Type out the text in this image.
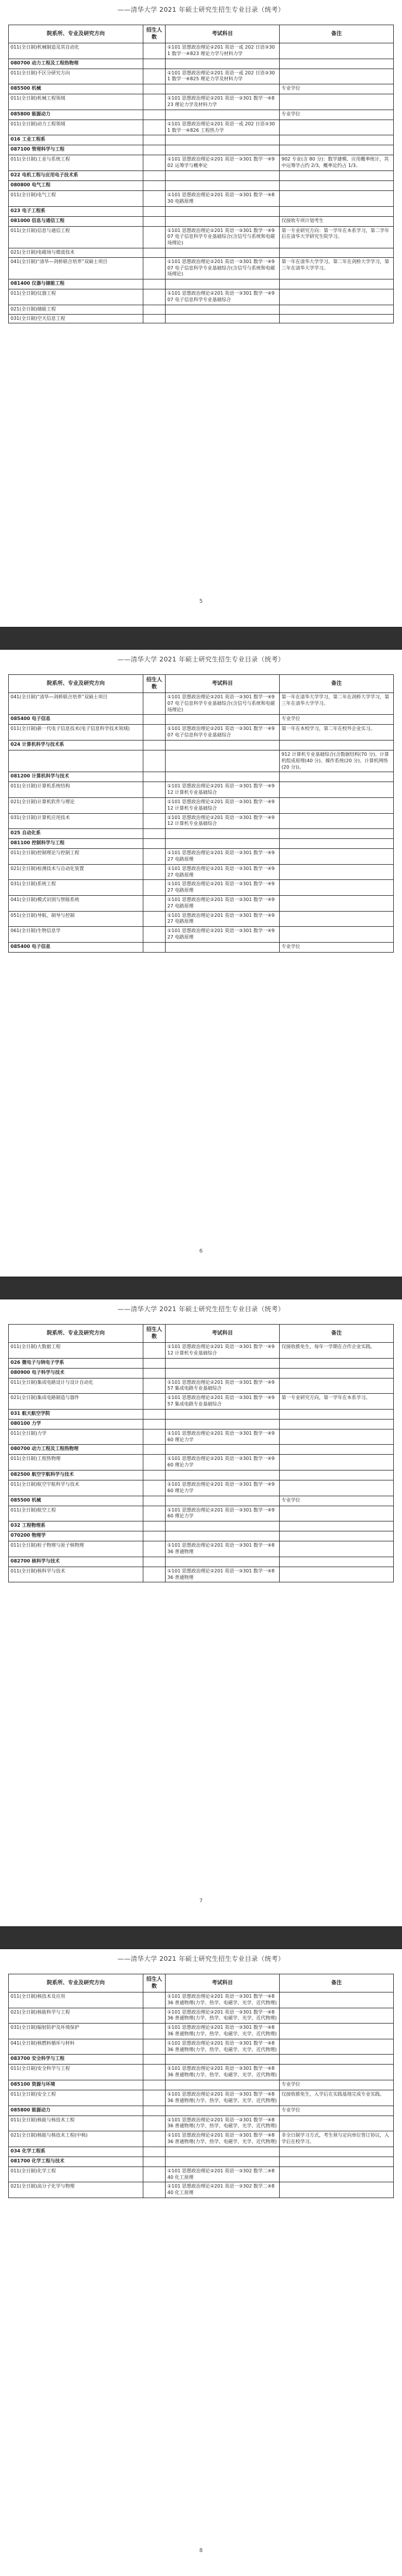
——清华大学 2021 年硕士研究生招生专业目录（统考）
院系所、专业及研究方向	招生人数	考试科目	备注
011(全日制)机械制造及其自动化		①101 思想政治理论②201 英语一或 202 日语③301 数学一④823 理论力学与材料力学	
080700 动力工程及工程热物理			
011(全日制)不区分研究方向		①101 思想政治理论②201 英语一或 202 日语③301 数学一④825 理论力学及材料力学	
085500 机械			专业学位
011(全日制)机械工程领域		①101 思想政治理论②201 英语一③301 数学一④823 理论力学及材料力学	
085800 能源动力			专业学位
011(全日制)动力工程领域		①101 思想政治理论②201 英语一或 202 日语③301 数学一④826 工程热力学	
016 工业工程系			
087100 管理科学与工程			
011(全日制)工业与系统工程		①101 思想政治理论②201 英语一③301 数学一④902 运筹学与概率论	902 专业(含 80 分)：数学建模、应用概率统计，其中运筹学占约 2/3，概率论约占 1/3。
022 电机工程与应用电子技术系			
080800 电气工程			
011(全日制)电气工程		①101 思想政治理论②201 英语一③301 数学一④830 电路原理	
023 电子工程系			
081000 信息与通信工程			仅接收专项计划考生
011(全日制)信息与通信工程		①101 思想政治理论②201 英语一③301 数学一④907 电子信息科学专业基础综合(含信号与系统和电磁场理论)	第一专业研究方向：第一学年在本系学习，第二学年后在清华大学研究生院学习。
021(全日制)电磁场与微波技术			
041(全日制)“清华—剑桥联合培养”双硕士项目		①101 思想政治理论②201 英语一③301 数学一④907 电子信息科学专业基础综合(含信号与系统和电磁场理论)	第一年在清华大学学习，第二年在剑桥大学学习，第三年在清华大学学习。
081400 仪器与储能工程			
011(全日制)仪器工程		①101 思想政治理论②201 英语一③301 数学一④907 电子信息科学专业基础综合	
021(全日制)储能工程			
031(全日制)空天信息工程			
5
——清华大学 2021 年硕士研究生招生专业目录（统考）
院系所、专业及研究方向	招生人数	考试科目	备注
041(全日制)“清华—剑桥联合培养”双硕士项目		①101 思想政治理论②201 英语一③301 数学一④907 电子信息科学专业基础综合(含信号与系统和电磁场理论)	第一年在清华大学学习，第二年在剑桥大学学习，第三年在清华大学学习。
085400 电子信息			专业学位
011(全日制)新一代电子信息技术(电子信息科学技术领域)		①101 思想政治理论②201 英语一③301 数学一④907 电子信息科学专业基础综合	第一年在本校学习，第二年在校外企业实习。
024 计算机科学与技术系			
			912 计算机专业基础综合(含数据结构(70 分)、计算机组成原理(40 分)、操作系统(20 分)、计算机网络(20 分))。
081200 计算机科学与技术			
011(全日制)计算机系统结构		①101 思想政治理论②201 英语一③301 数学一④912 计算机专业基础综合	
021(全日制)计算机软件与理论		①101 思想政治理论②201 英语一③301 数学一④912 计算机专业基础综合	
031(全日制)计算机应用技术		①101 思想政治理论②201 英语一③301 数学一④912 计算机专业基础综合	
025 自动化系			
081100 控制科学与工程			
011(全日制)控制理论与控制工程		①101 思想政治理论②201 英语一③301 数学一④927 电路原理	
021(全日制)检测技术与自动化装置		①101 思想政治理论②201 英语一③301 数学一④927 电路原理	
031(全日制)系统工程		①101 思想政治理论②201 英语一③301 数学一④927 电路原理	
041(全日制)模式识别与智能系统		①101 思想政治理论②201 英语一③301 数学一④927 电路原理	
051(全日制)导航、制导与控制		①101 思想政治理论②201 英语一③301 数学一④927 电路原理	
061(全日制)生物信息学		①101 思想政治理论②201 英语一③301 数学一④927 电路原理	
085400 电子信息			专业学位
6
——清华大学 2021 年硕士研究生招生专业目录（统考）
院系所、专业及研究方向	招生人数	考试科目	备注
011(全日制)大数据工程		①101 思想政治理论②201 英语一③301 数学一④912 计算机专业基础综合	仅接收推免生，每年一学期在合作企业实践。
026 微电子与纳电子学系			
080900 电子科学与技术			
011(全日制)集成电路设计与设计自动化		①101 思想政治理论②201 英语一③301 数学一④957 集成电路专业基础综合	
021(全日制)集成电路制造与器件		①101 思想政治理论②201 英语一③301 数学一④957 集成电路专业基础综合	第一专业研究方向，第一学年在本系学习。
031 航天航空学院			
080100 力学			
011(全日制)力学		①101 思想政治理论②201 英语一③301 数学一④960 理论力学	
080700 动力工程及工程热物理			
011(全日制)工程热物理		①101 思想政治理论②201 英语一③301 数学一④960 理论力学	
082500 航空宇航科学与技术			
011(全日制)航空宇航科学与技术		①101 思想政治理论②201 英语一③301 数学一④960 理论力学	
085500 机械			专业学位
011(全日制)航空工程		①101 思想政治理论②201 英语一③301 数学一④960 理论力学	
032 工程物理系			
070200 物理学			
011(全日制)粒子物理与原子核物理		①101 思想政治理论②201 英语一③301 数学一④836 普通物理	
082700 核科学与技术			
011(全日制)核科学与技术		①101 思想政治理论②201 英语一③301 数学一④836 普通物理	
7
——清华大学 2021 年硕士研究生招生专业目录（统考）
院系所、专业及研究方向	招生人数	考试科目	备注
011(全日制)核技术及应用		①101 思想政治理论②201 英语一③301 数学一④836 普通物理(力学、热学、电磁学、光学、近代物理)	
021(全日制)核能科学与工程		①101 思想政治理论②201 英语一③301 数学一④836 普通物理(力学、热学、电磁学、光学、近代物理)	
031(全日制)辐射防护及环境保护		①101 思想政治理论②201 英语一③301 数学一④836 普通物理(力学、热学、电磁学、光学、近代物理)	
041(全日制)核燃料循环与材料		①101 思想政治理论②201 英语一③301 数学一④836 普通物理(力学、热学、电磁学、光学、近代物理)	
083700 安全科学与工程			
011(全日制)安全科学与工程		①101 思想政治理论②201 英语一③301 数学一④836 普通物理(力学、热学、电磁学、光学、近代物理)	
085100 资源与环境			专业学位
011(全日制)安全工程		①101 思想政治理论②201 英语一③301 数学一④836 普通物理(力学、热学、电磁学、光学、近代物理)	仅接收推免生，入学后在实践基地完成专业实践。
085800 能源动力			专业学位
011(全日制)核能与核技术工程		①101 思想政治理论②201 英语一③301 数学一④836 普通物理(力学、热学、电磁学、光学、近代物理)	
021(全日制)核能与核技术工程(中核)		①101 思想政治理论②201 英语一③301 数学一④836 普通物理(力学、热学、电磁学、光学、近代物理)	非全日制学习方式，考生须与定向单位签订协议，入学后在校学习。
034 化学工程系			
081700 化学工程与技术			
011(全日制)化学工程		①101 思想政治理论②201 英语一③302 数学二④840 化工原理	
021(全日制)高分子化学与物理		①101 思想政治理论②201 英语一③302 数学二④840 化工原理	
8
